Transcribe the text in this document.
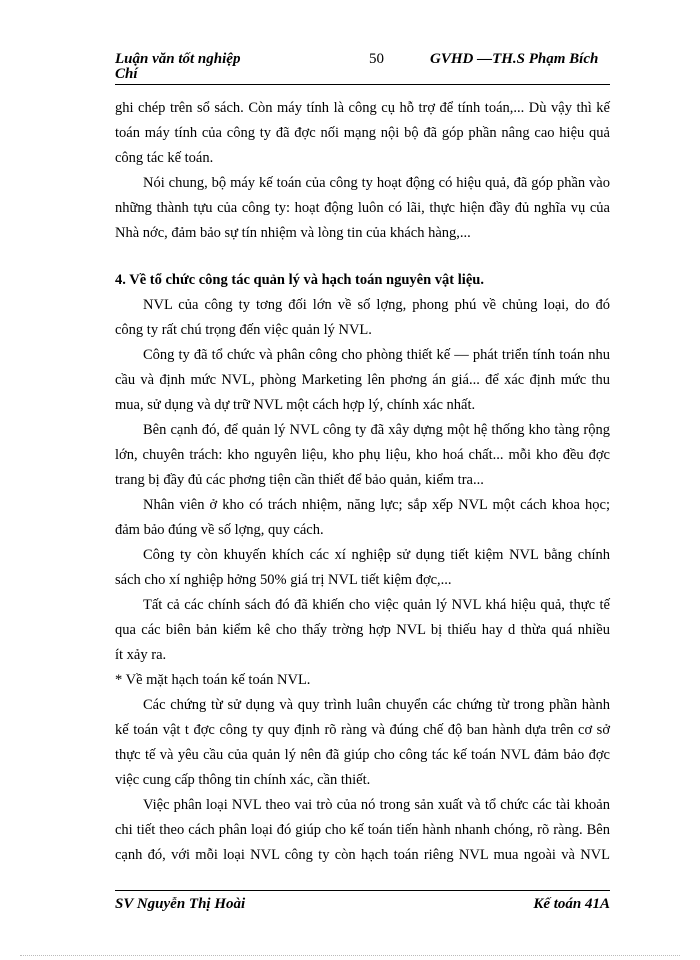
Luận văn tốt nghiệp
Chí
50	GVHD —TH.S Phạm Bích
ghi chép trên sổ sách. Còn máy tính là công cụ hỗ trợ để tính toán,... Dù vậy thì kế
toán máy tính của công ty đã đợc nối mạng nội bộ đã góp phần nâng cao hiệu quả
công tác kế toán.
Nói chung, bộ máy kế toán của công ty hoạt động có hiệu quả, đã góp phần vào
những thành tựu của công ty: hoạt động luôn có lãi, thực hiện đầy đủ nghĩa vụ của
Nhà nớc, đảm bảo sự tín nhiệm và lòng tin của khách hàng,...
4. Về tổ chức công tác quản lý và hạch toán nguyên vật liệu.
NVL của công ty tơng đối lớn về số lợng, phong phú về chủng loại, do đó
công ty rất chú trọng đến việc quản lý NVL.
Công ty đã tổ chức và phân công cho phòng thiết kế — phát triển tính toán nhu
cầu và định mức NVL, phòng Marketing lên phơng án giá... để xác định mức thu
mua, sử dụng và dự trữ NVL một cách hợp lý, chính xác nhất.
Bên cạnh đó, để quản lý NVL công ty đã xây dựng một hệ thống kho tàng rộng
lớn, chuyên trách: kho nguyên liệu, kho phụ liệu, kho hoá chất... mỗi kho đều đợc
trang bị đầy đủ các phơng tiện cần thiết để bảo quản, kiểm tra...
Nhân viên ở kho có trách nhiệm, năng lực; sắp xếp NVL một cách khoa học;
đảm bảo đúng về số lợng, quy cách.
Công ty còn khuyến khích các xí nghiệp sử dụng tiết kiệm NVL bằng chính
sách cho xí nghiệp hởng 50% giá trị NVL tiết kiệm đợc,...
Tất cả các chính sách đó đã khiến cho việc quản lý NVL khá hiệu quả, thực tế
qua các biên bản kiểm kê cho thấy trờng hợp NVL bị thiếu hay d thừa quá nhiều
ít xảy ra.
* Về mặt hạch toán kế toán NVL.
Các chứng từ sử dụng và quy trình luân chuyển các chứng từ trong phần hành
kế toán vật t đợc công ty quy định rõ ràng và đúng chế độ ban hành dựa trên cơ sở
thực tế và yêu cầu của quản lý nên đã giúp cho công tác kế toán NVL đảm bảo đợc
việc cung cấp thông tin chính xác, cần thiết.
Việc phân loại NVL theo vai trò của nó trong sản xuất và tổ chức các tài khoản
chi tiết theo cách phân loại đó giúp cho kế toán tiến hành nhanh chóng, rõ ràng. Bên
cạnh đó, với mỗi loại NVL công ty còn hạch toán riêng NVL mua ngoài và NVL
SV Nguyễn Thị Hoài	Kế toán 41A
